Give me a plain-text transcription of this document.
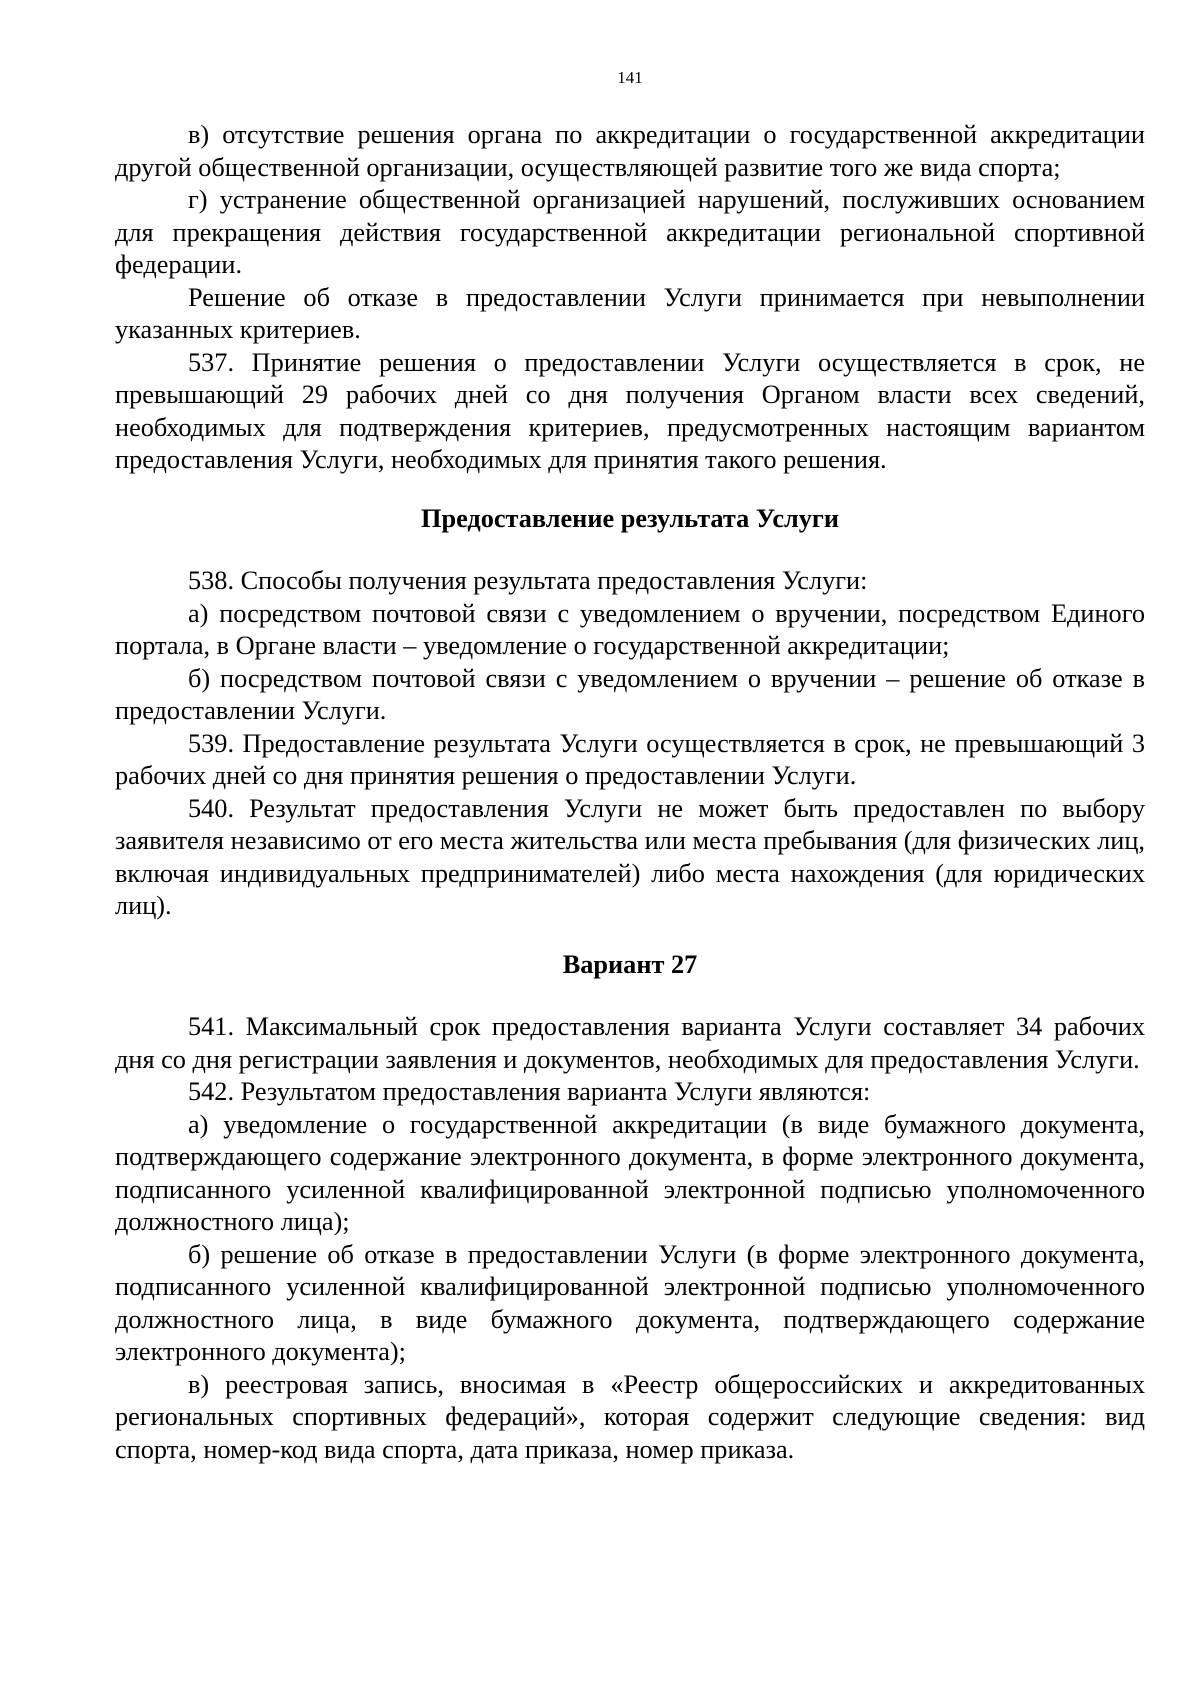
141

в) отсутствие решения органа по аккредитации о государственной аккредитации другой общественной организации, осуществляющей развитие того же вида спорта;

г) устранение общественной организацией нарушений, послуживших основанием для прекращения действия государственной аккредитации региональной спортивной федерации.

Решение об отказе в предоставлении Услуги принимается при невыполнении указанных критериев.

537. Принятие решения о предоставлении Услуги осуществляется в срок, не превышающий 29 рабочих дней со дня получения Органом власти всех сведений, необходимых для подтверждения критериев, предусмотренных настоящим вариантом предоставления Услуги, необходимых для принятия такого решения.

Предоставление результата Услуги

538. Способы получения результата предоставления Услуги:

а) посредством почтовой связи с уведомлением о вручении, посредством Единого портала, в Органе власти – уведомление о государственной аккредитации;

б) посредством почтовой связи с уведомлением о вручении – решение об отказе в предоставлении Услуги.

539. Предоставление результата Услуги осуществляется в срок, не превышающий 3 рабочих дней со дня принятия решения о предоставлении Услуги.

540. Результат предоставления Услуги не может быть предоставлен по выбору заявителя независимо от его места жительства или места пребывания (для физических лиц, включая индивидуальных предпринимателей) либо места нахождения (для юридических лиц).

Вариант 27

541. Максимальный срок предоставления варианта Услуги составляет 34 рабочих дня со дня регистрации заявления и документов, необходимых для предоставления Услуги.

542. Результатом предоставления варианта Услуги являются:

а) уведомление о государственной аккредитации (в виде бумажного документа, подтверждающего содержание электронного документа, в форме электронного документа, подписанного усиленной квалифицированной электронной подписью уполномоченного должностного лица);

б) решение об отказе в предоставлении Услуги (в форме электронного документа, подписанного усиленной квалифицированной электронной подписью уполномоченного должностного лица, в виде бумажного документа, подтверждающего содержание электронного документа);

в) реестровая запись, вносимая в «Реестр общероссийских и аккредитованных региональных спортивных федераций», которая содержит следующие сведения: вид спорта, номер-код вида спорта, дата приказа, номер приказа.
